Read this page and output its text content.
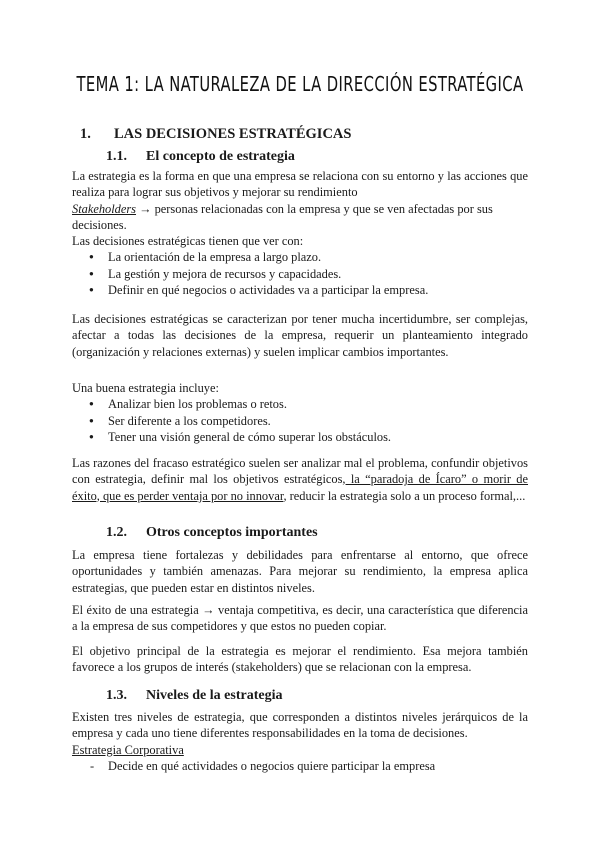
TEMA 1: LA NATURALEZA DE LA DIRECCIÓN ESTRATÉGICA
1. LAS DECISIONES ESTRATÉGICAS
1.1. El concepto de estrategia
La estrategia es la forma en que una empresa se relaciona con su entorno y las acciones que realiza para lograr sus objetivos y mejorar su rendimiento
Stakeholders → personas relacionadas con la empresa y que se ven afectadas por sus decisiones.
Las decisiones estratégicas tienen que ver con:
● La orientación de la empresa a largo plazo.
● La gestión y mejora de recursos y capacidades.
● Definir en qué negocios o actividades va a participar la empresa.
Las decisiones estratégicas se caracterizan por tener mucha incertidumbre, ser complejas, afectar a todas las decisiones de la empresa, requerir un planteamiento integrado (organización y relaciones externas) y suelen implicar cambios importantes.
Una buena estrategia incluye:
● Analizar bien los problemas o retos.
● Ser diferente a los competidores.
● Tener una visión general de cómo superar los obstáculos.
Las razones del fracaso estratégico suelen ser analizar mal el problema, confundir objetivos con estrategia, definir mal los objetivos estratégicos, la “paradoja de Ícaro” o morir de éxito, que es perder ventaja por no innovar, reducir la estrategia solo a un proceso formal,...
1.2. Otros conceptos importantes
La empresa tiene fortalezas y debilidades para enfrentarse al entorno, que ofrece oportunidades y también amenazas. Para mejorar su rendimiento, la empresa aplica estrategias, que pueden estar en distintos niveles.
El éxito de una estrategia → ventaja competitiva, es decir, una característica que diferencia a la empresa de sus competidores y que estos no pueden copiar.
El objetivo principal de la estrategia es mejorar el rendimiento. Esa mejora también favorece a los grupos de interés (stakeholders) que se relacionan con la empresa.
1.3. Niveles de la estrategia
Existen tres niveles de estrategia, que corresponden a distintos niveles jerárquicos de la empresa y cada uno tiene diferentes responsabilidades en la toma de decisiones.
Estrategia Corporativa
- Decide en qué actividades o negocios quiere participar la empresa
